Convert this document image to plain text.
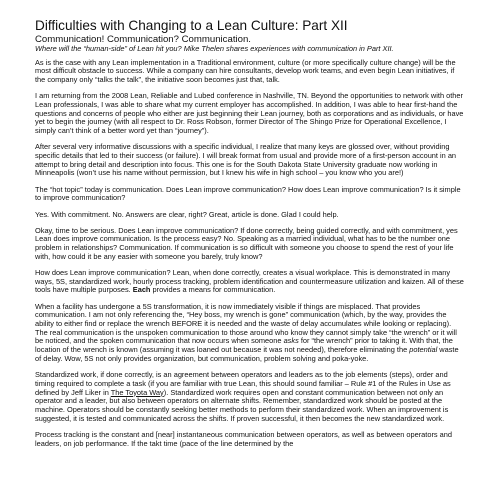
Difficulties with Changing to a Lean Culture: Part XII

Communication! Communication? Communication.

Where will the “human-side” of Lean hit you? Mike Thelen shares experiences with communication in Part XII.

As is the case with any Lean implementation in a Traditional environment, culture (or more specifically culture change) will be the most difficult obstacle to success. While a company can hire consultants, develop work teams, and even begin Lean initiatives, if the company only “talks the talk”, the initiative soon becomes just that, talk.

I am returning from the 2008 Lean, Reliable and Lubed conference in Nashville, TN. Beyond the opportunities to network with other Lean professionals, I was able to share what my current employer has accomplished. In addition, I was able to hear first-hand the questions and concerns of people who either are just beginning their Lean journey, both as corporations and as individuals, or have yet to begin the journey (with all respect to Dr. Ross Robson, former Director of The Shingo Prize for Operational Excellence, I simply can’t think of a better word yet than “journey”).

After several very informative discussions with a specific individual, I realize that many keys are glossed over, without providing specific details that led to their success (or failure). I will break format from usual and provide more of a first-person account in an attempt to bring detail and description into focus. This one is for the South Dakota State University graduate now working in Minneapolis (won’t use his name without permission, but I knew his wife in high school – you know who you are!)

The “hot topic” today is communication. Does Lean improve communication? How does Lean improve communication? Is it simple to improve communication?

Yes. With commitment. No. Answers are clear, right? Great, article is done. Glad I could help.

Okay, time to be serious. Does Lean improve communication? If done correctly, being guided correctly, and with commitment, yes Lean does improve communication. Is the process easy? No. Speaking as a married individual, what has to be the number one problem in relationships? Communication. If communication is so difficult with someone you choose to spend the rest of your life with, how could it be any easier with someone you barely, truly know?

How does Lean improve communication? Lean, when done correctly, creates a visual workplace. This is demonstrated in many ways, 5S, standardized work, hourly process tracking, problem identification and countermeasure utilization and kaizen. All of these tools have multiple purposes. Each provides a means for communication.

When a facility has undergone a 5S transformation, it is now immediately visible if things are misplaced. That provides communication. I am not only referencing the, “Hey boss, my wrench is gone” communication (which, by the way, provides the ability to either find or replace the wrench BEFORE it is needed and the waste of delay accumulates while looking or replacing). The real communication is the unspoken communication to those around who know they cannot simply take “the wrench” or it will be noticed, and the spoken communication that now occurs when someone asks for “the wrench” prior to taking it. With that, the location of the wrench is known (assuming it was loaned out because it was not needed), therefore eliminating the potential waste of delay. Wow, 5S not only provides organization, but communication, problem solving and poka-yoke.

Standardized work, if done correctly, is an agreement between operators and leaders as to the job elements (steps), order and timing required to complete a task (if you are familiar with true Lean, this should sound familiar – Rule #1 of the Rules in Use as defined by Jeff Liker in The Toyota Way). Standardized work requires open and constant communication between not only an operator and a leader, but also between operators on alternate shifts. Remember, standardized work should be posted at the machine. Operators should be constantly seeking better methods to perform their standardized work. When an improvement is suggested, it is tested and communicated across the shifts. If proven successful, it then becomes the new standardized work.

Process tracking is the constant and [near] instantaneous communication between operators, as well as between operators and leaders, on job performance. If the takt time (pace of the line determined by the
